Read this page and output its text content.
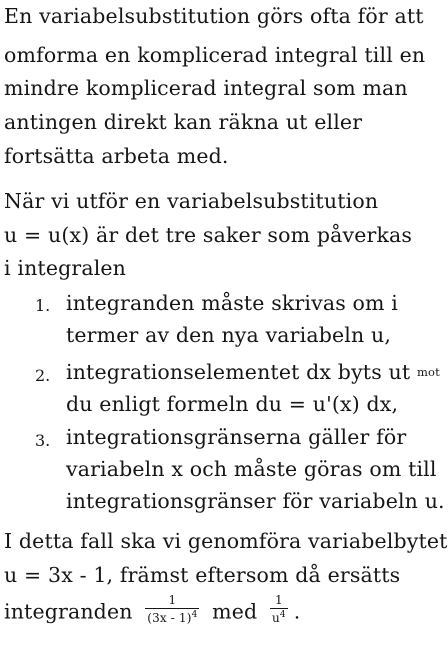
En variabelsubstitution görs ofta för att
omforma en komplicerad integral till en
mindre komplicerad integral som man
antingen direkt kan räkna ut eller
fortsätta arbeta med.
När vi utför en variabelsubstitution
u = u(x) är det tre saker som påverkas
i integralen
1. integranden måste skrivas om i
termer av den nya variabeln u,
2. integrationselementet dx byts ut mot
du enligt formeln du = u'(x) dx,
3. integrationsgränserna gäller för
variabeln x och måste göras om till
integrationsgränser för variabeln u.
I detta fall ska vi genomföra variabelbytet
u = 3x - 1, främst eftersom då ersätts
integranden $\frac{1}{(3x - 1)^4}$ med $\frac{1}{u^4}$ .
